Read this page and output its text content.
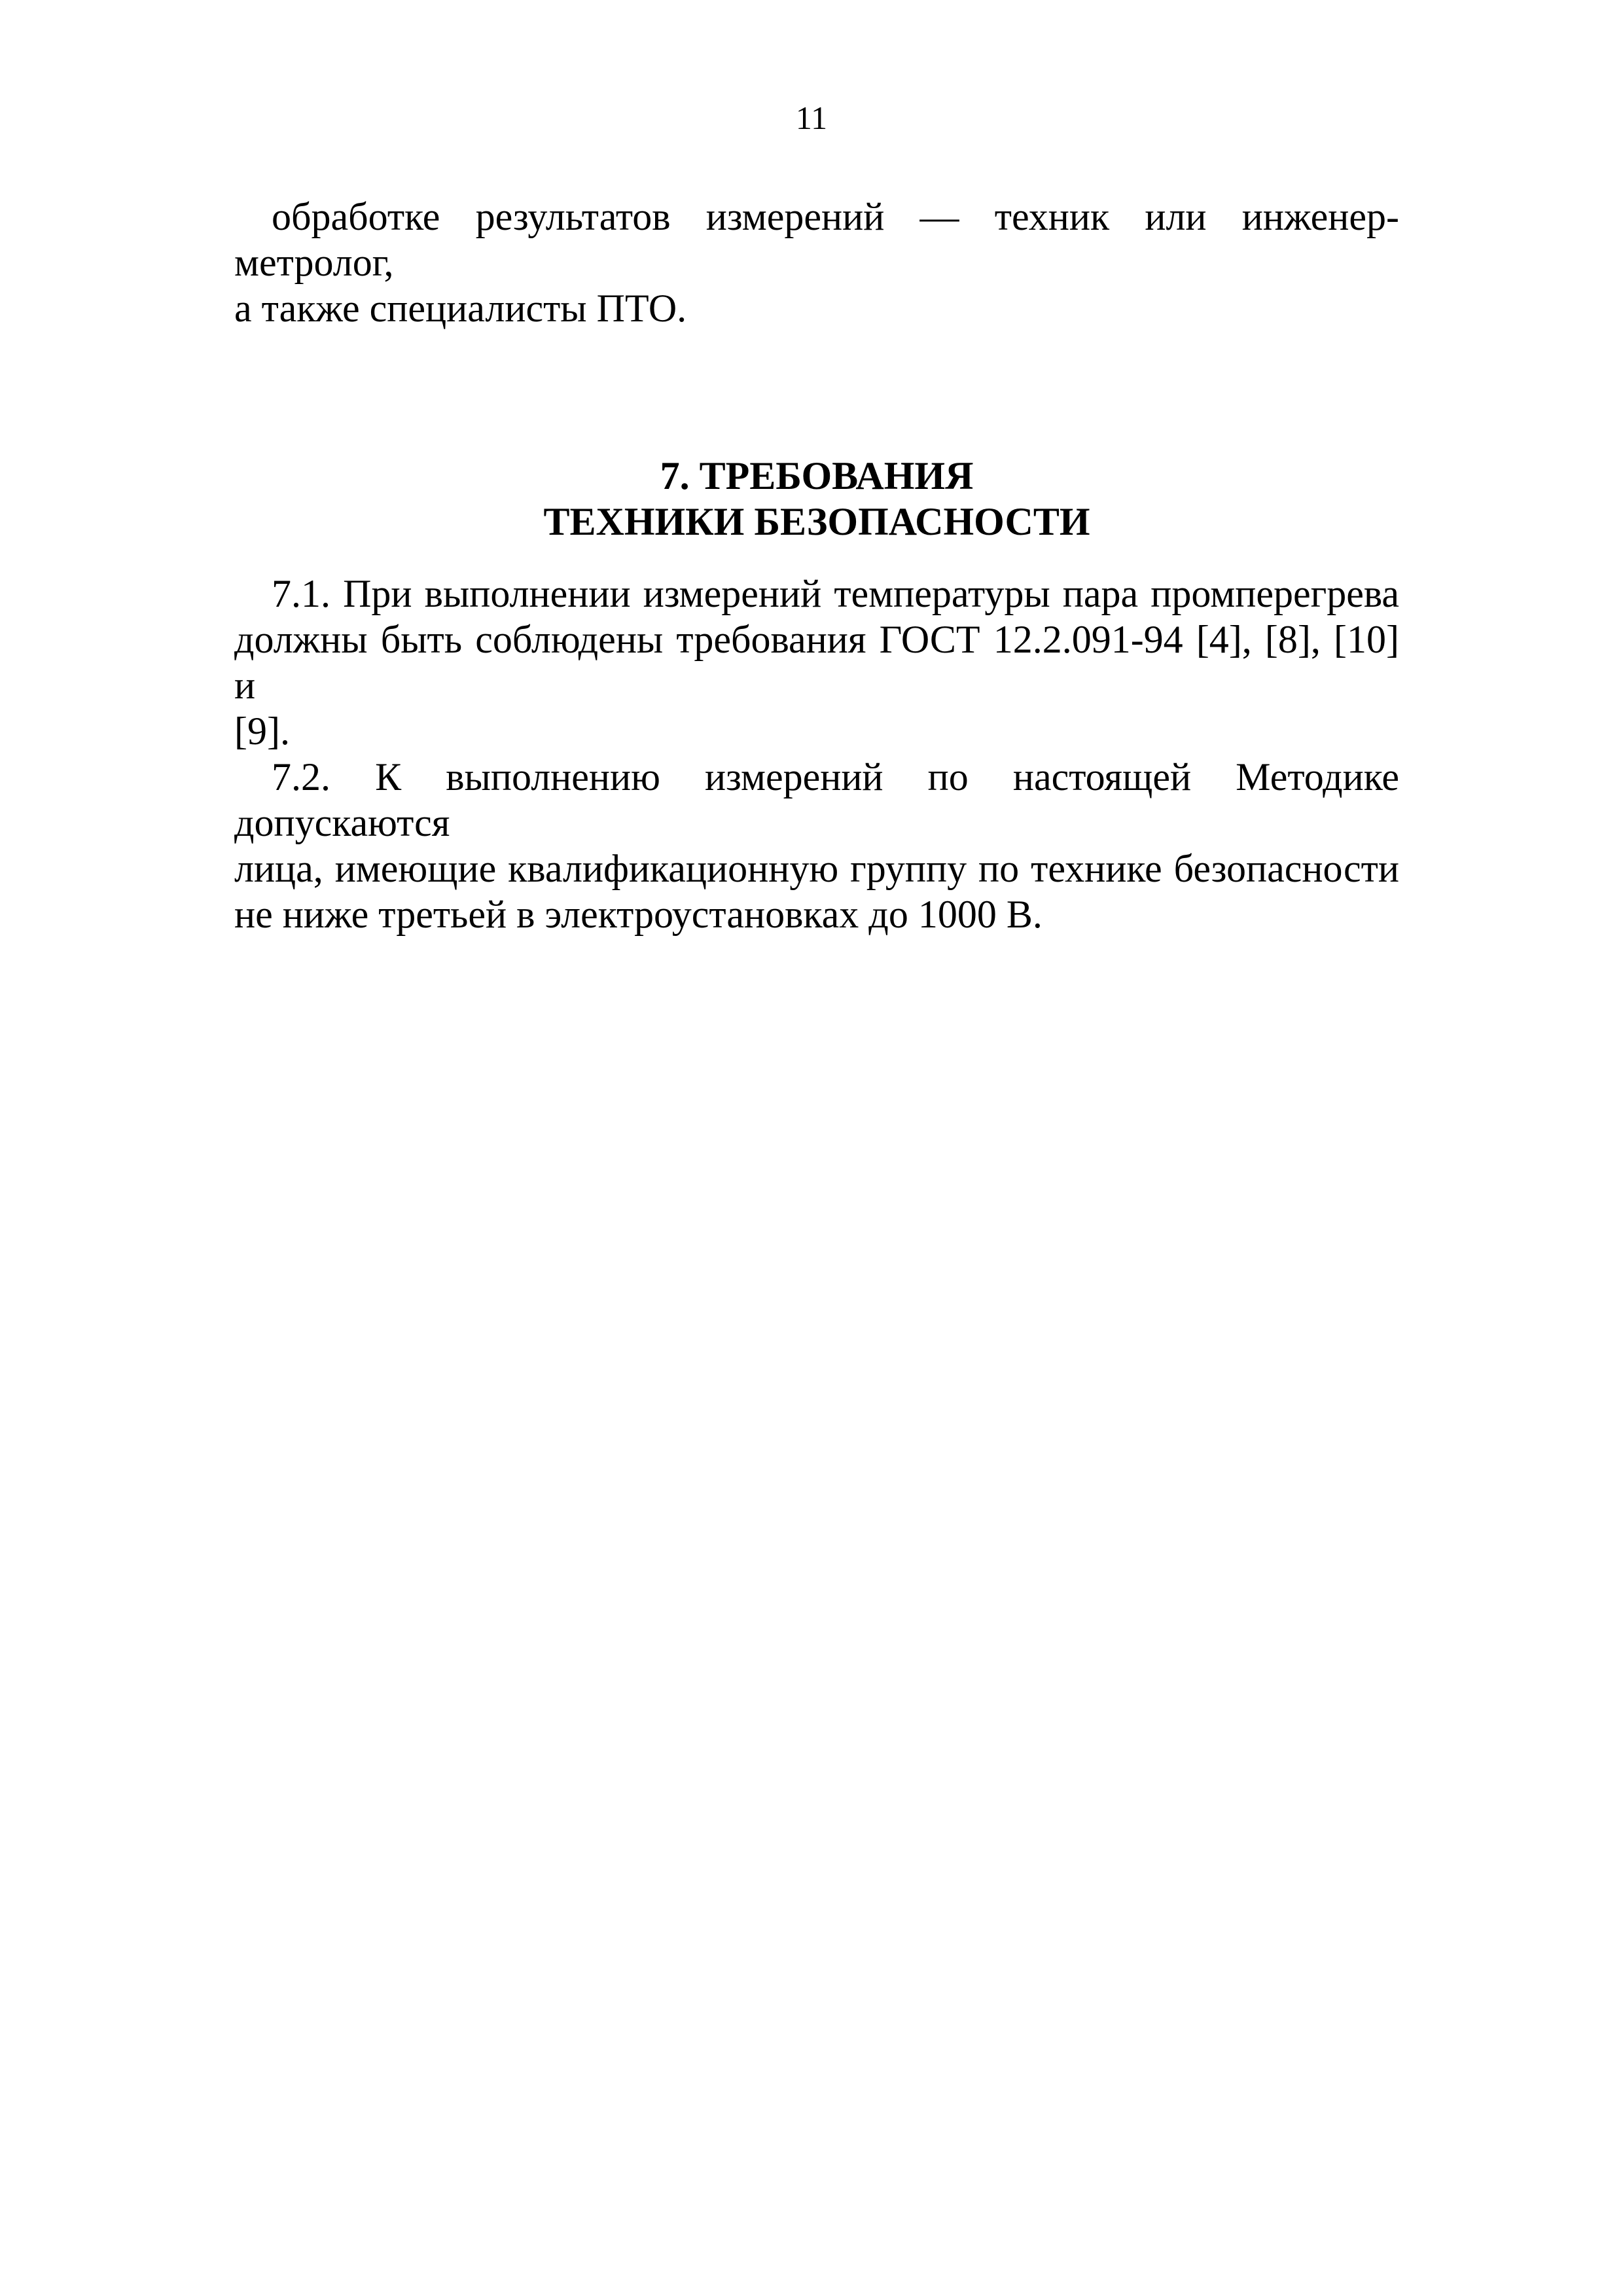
11

обработке результатов измерений — техник или инженер-метролог,
а также специалисты ПТО.

7. ТРЕБОВАНИЯ
ТЕХНИКИ БЕЗОПАСНОСТИ

7.1. При выполнении измерений температуры пара промперегрева
должны быть соблюдены требования ГОСТ 12.2.091-94 [4], [8], [10] и
[9].

7.2. К выполнению измерений по настоящей Методике допускаются
лица, имеющие квалификационную группу по технике безопасности
не ниже третьей в электроустановках до 1000 В.
